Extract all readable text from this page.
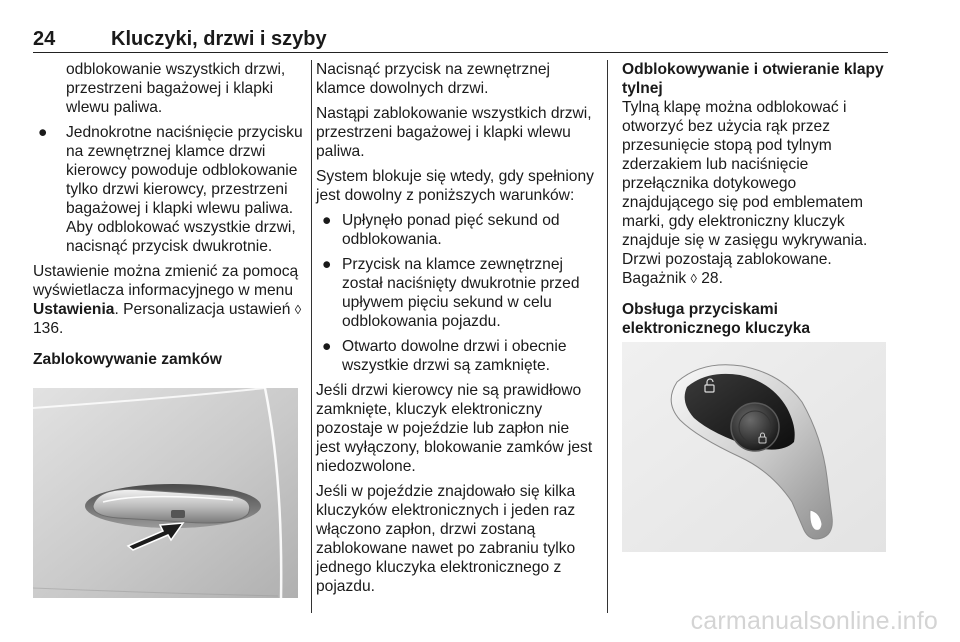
24	Kluczyki, drzwi i szyby
odblokowanie wszystkich drzwi, przestrzeni bagażowej i klapki wlewu paliwa.
● Jednokrotne naciśnięcie przycisku na zewnętrznej klamce drzwi kierowcy powoduje odblokowanie tylko drzwi kierowcy, przestrzeni bagażowej i klapki wlewu paliwa. Aby odblokować wszystkie drzwi, nacisnąć przycisk dwukrotnie.

Ustawienie można zmienić za pomocą wyświetlacza informacyjnego w menu Ustawienia. Personalizacja ustawień ◊ 136.

Zablokowywanie zamków

Nacisnąć przycisk na zewnętrznej klamce dowolnych drzwi.

Nastąpi zablokowanie wszystkich drzwi, przestrzeni bagażowej i klapki wlewu paliwa.

System blokuje się wtedy, gdy spełniony jest dowolny z poniższych warunków:

● Upłynęło ponad pięć sekund od odblokowania.
● Przycisk na klamce zewnętrznej został naciśnięty dwukrotnie przed upływem pięciu sekund w celu odblokowania pojazdu.
● Otwarto dowolne drzwi i obecnie wszystkie drzwi są zamknięte.

Jeśli drzwi kierowcy nie są prawidłowo zamknięte, kluczyk elektroniczny pozostaje w pojeździe lub zapłon nie jest wyłączony, blokowanie zamków jest niedozwolone.

Jeśli w pojeździe znajdowało się kilka kluczyków elektronicznych i jeden raz włączono zapłon, drzwi zostaną zablokowane nawet po zabraniu tylko jednego kluczyka elektronicznego z pojazdu.

Odblokowywanie i otwieranie klapy tylnej

Tylną klapę można odblokować i otworzyć bez użycia rąk przez przesunięcie stopą pod tylnym zderzakiem lub naciśnięcie przełącznika dotykowego znajdującego się pod emblematem marki, gdy elektroniczny kluczyk znajduje się w zasięgu wykrywania. Drzwi pozostają zablokowane. Bagażnik ◊ 28.

Obsługa przyciskami elektronicznego kluczyka
carmanualsonline.info
